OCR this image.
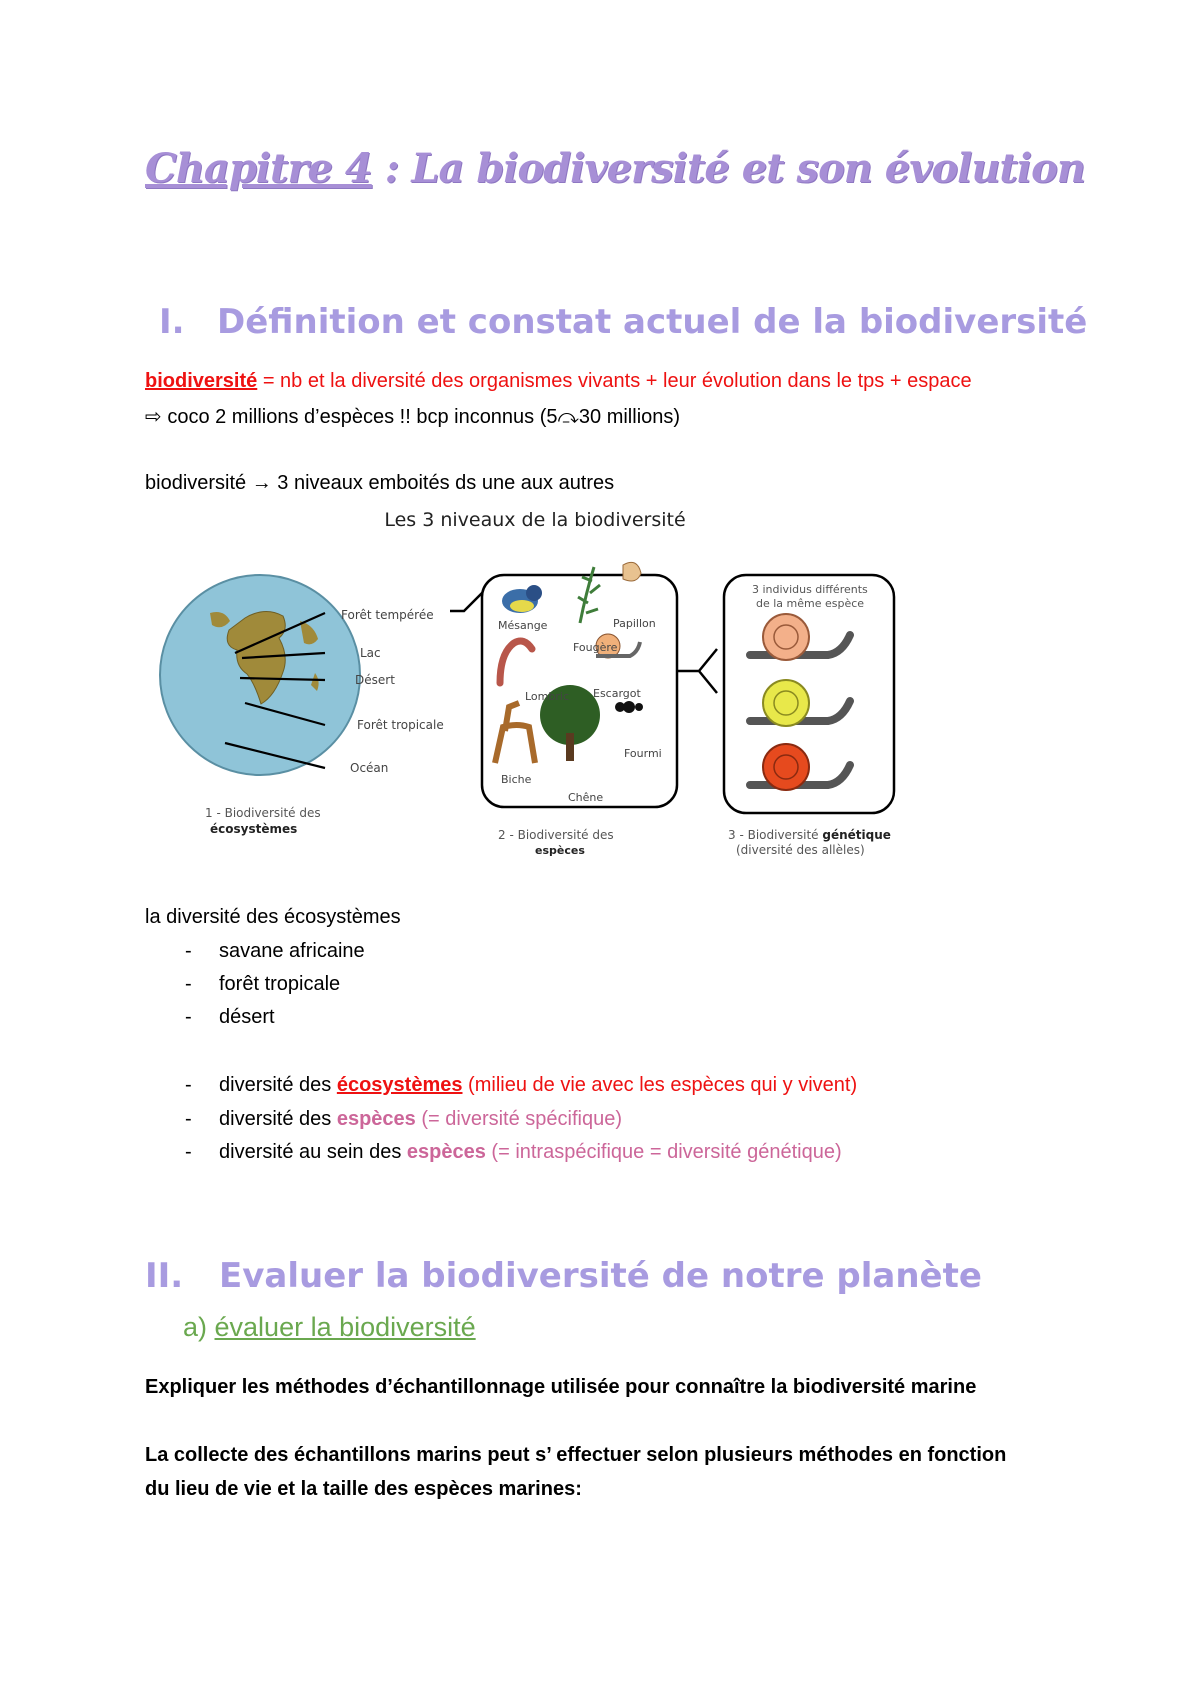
Chapitre 4 : La biodiversité et son évolution
I. Définition et constat actuel de la biodiversité

biodiversité = nb et la diversité des organismes vivants + leur évolution dans le tps + espace

⇨ coco 2 millions d’espèces !! bcp inconnus (5⤼30 millions)

biodiversité → 3 niveaux emboités ds une aux autres

Les 3 niveaux de la biodiversité
Forêt tempérée
Lac
Désert
Forêt tropicale
Océan
1 - Biodiversité des
écosystèmes
Mésange	Papillon
Fougère
Lombric Escargot
Biche
Fourmi
Chêne
2 - Biodiversité des
espèces
3 individus différents
de la même espèce
3 - Biodiversité génétique
(diversité des allèles)

la diversité des écosystèmes

- savane africaine
- forêt tropicale
- désert
- diversité des écosystèmes (milieu de vie avec les espèces qui y vivent)
- diversité des espèces (= diversité spécifique)
- diversité au sein des espèces (= intraspécifique = diversité génétique)
II. Evaluer la biodiversité de notre planète
a) évaluer la biodiversité

Expliquer les méthodes d’échantillonnage utilisée pour connaître la biodiversité marine

La collecte des échantillons marins peut s’ effectuer selon plusieurs méthodes en fonction

du lieu de vie et la taille des espèces marines:
